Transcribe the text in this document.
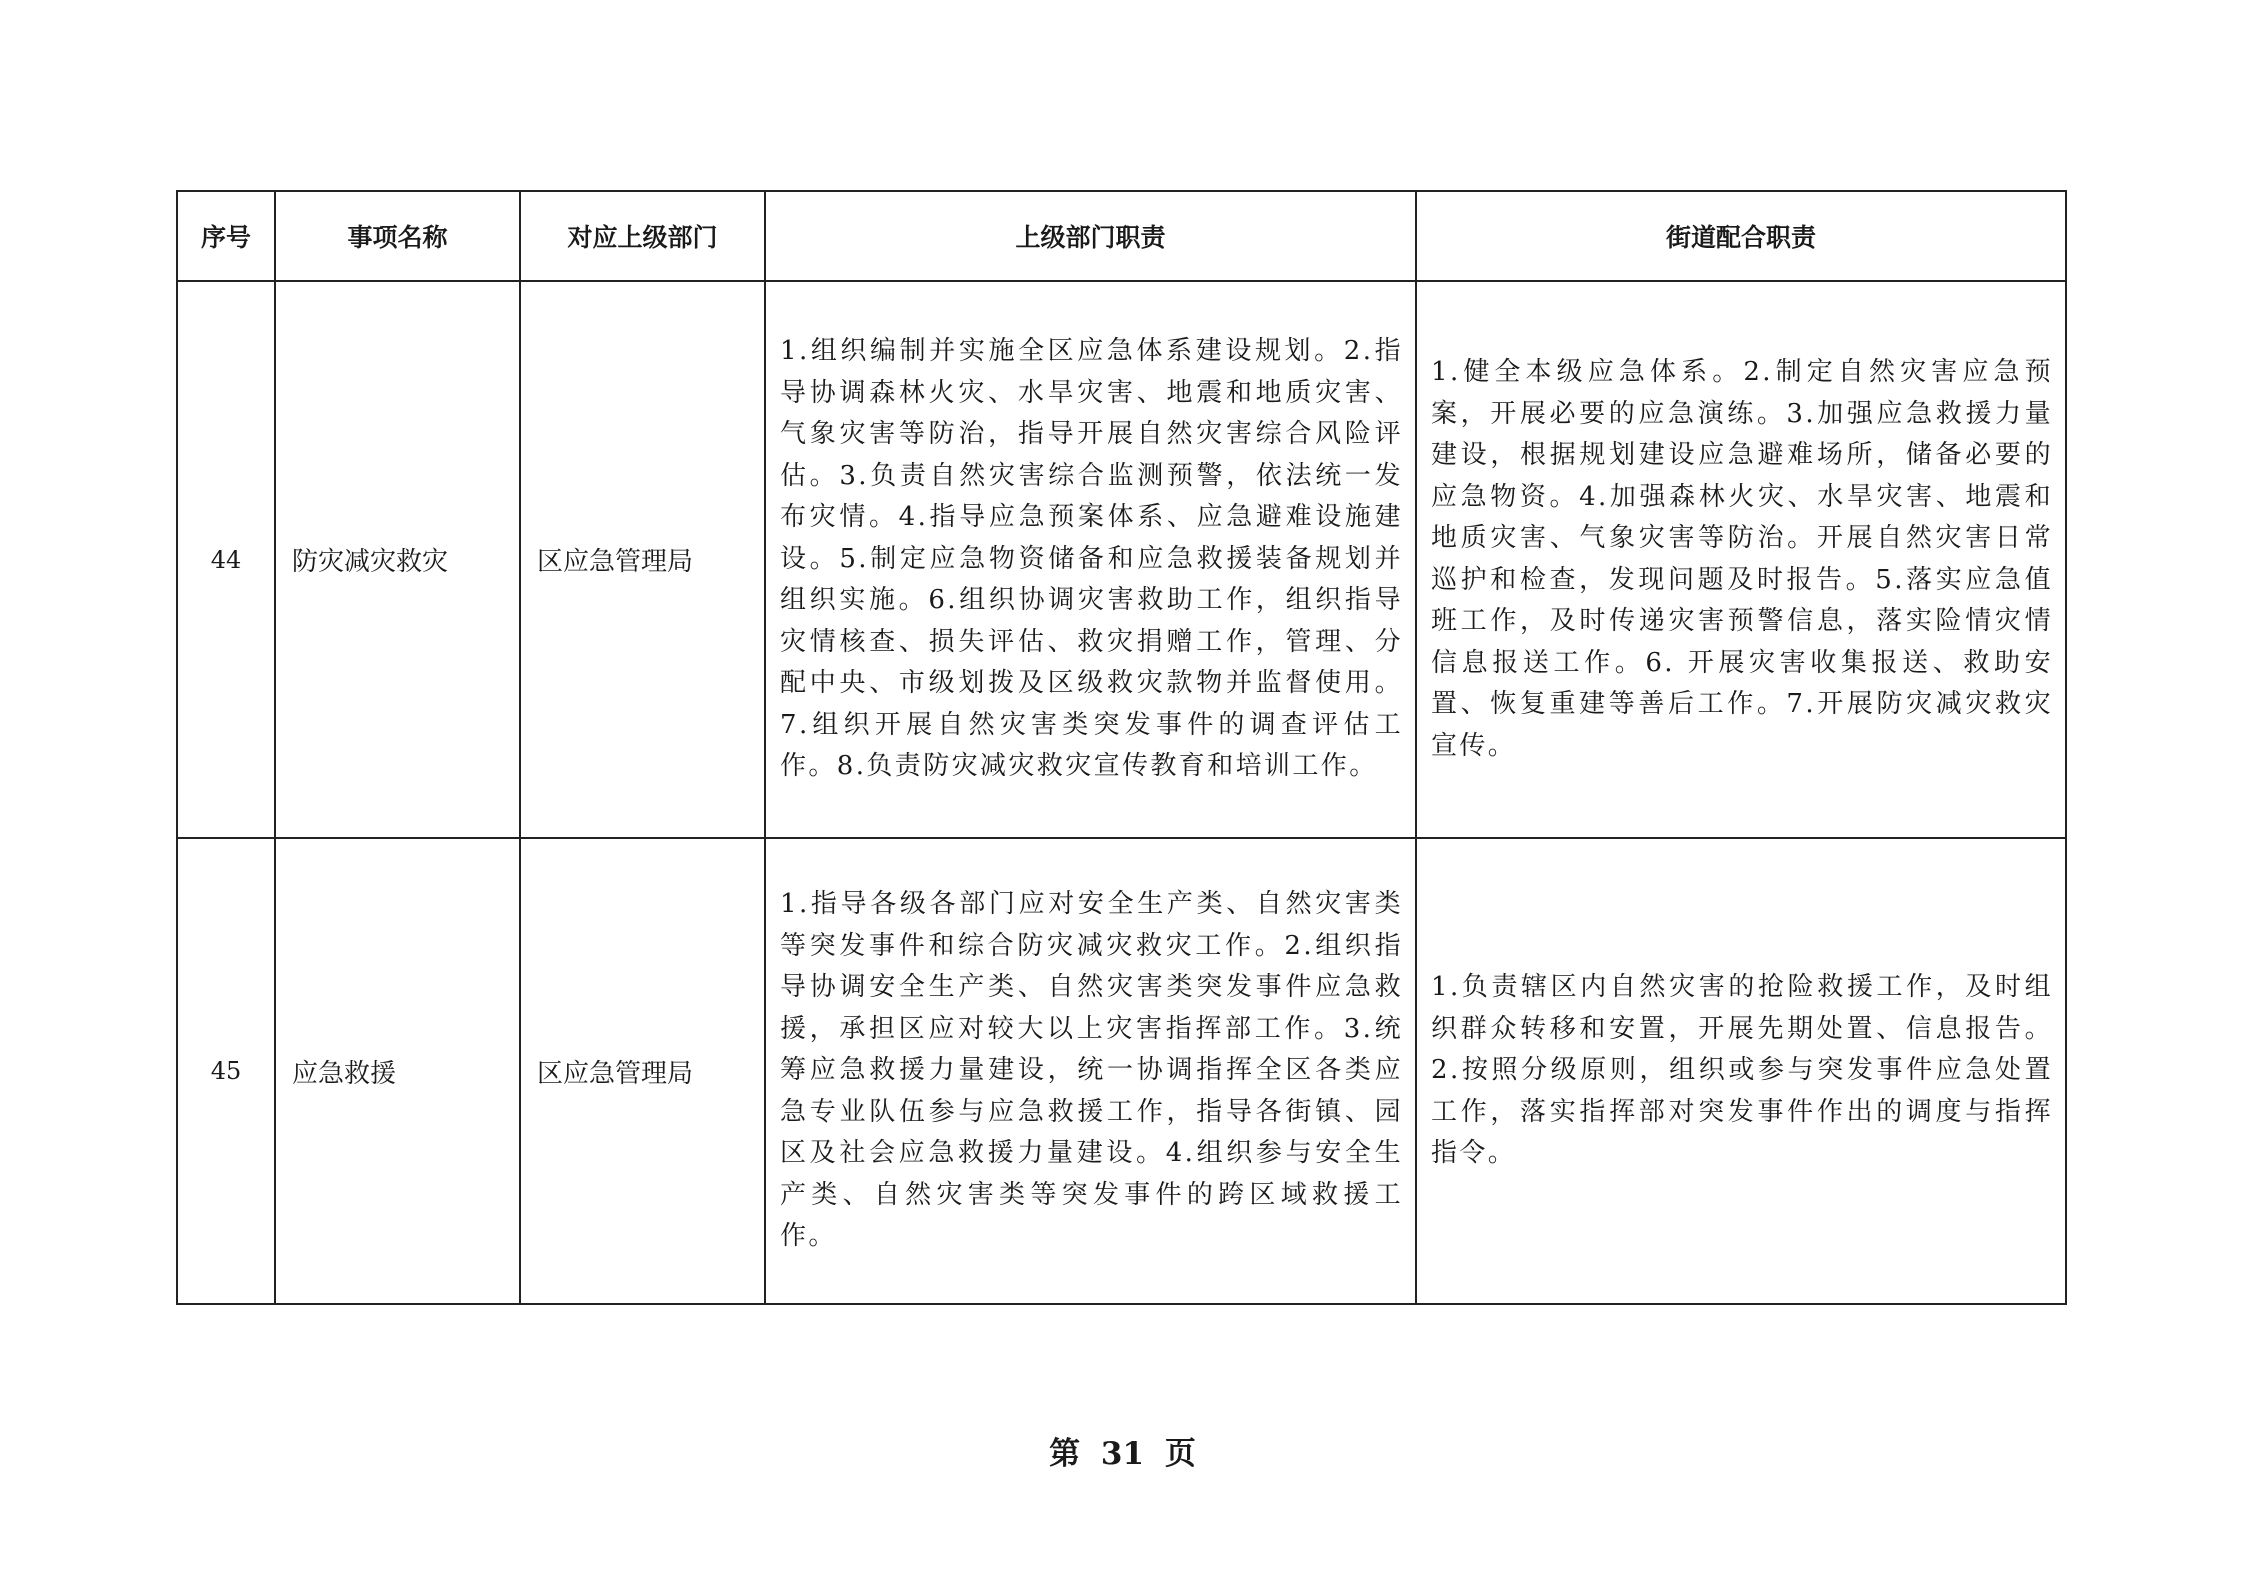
序号	事项名称	对应上级部门	上级部门职责	街道配合职责
44	防灾减灾救灾	区应急管理局	1.组织编制并实施全区应急体系建设规划。2.指导协调森林火灾、水旱灾害、地震和地质灾害、气象灾害等防治，指导开展自然灾害综合风险评估。3.负责自然灾害综合监测预警，依法统一发布灾情。4.指导应急预案体系、应急避难设施建设。5.制定应急物资储备和应急救援装备规划并组织实施。6.组织协调灾害救助工作，组织指导灾情核查、损失评估、救灾捐赠工作，管理、分配中央、市级划拨及区级救灾款物并监督使用。7.组织开展自然灾害类突发事件的调查评估工作。8.负责防灾减灾救灾宣传教育和培训工作。	1.健全本级应急体系。2.制定自然灾害应急预案，开展必要的应急演练。3.加强应急救援力量建设，根据规划建设应急避难场所，储备必要的应急物资。4.加强森林火灾、水旱灾害、地震和地质灾害、气象灾害等防治。开展自然灾害日常巡护和检查，发现问题及时报告。5.落实应急值班工作，及时传递灾害预警信息，落实险情灾情信息报送工作。6. 开展灾害收集报送、救助安置、恢复重建等善后工作。7.开展防灾减灾救灾宣传。

45	应急救援	区应急管理局	1.指导各级各部门应对安全生产类、自然灾害类等突发事件和综合防灾减灾救灾工作。2.组织指导协调安全生产类、自然灾害类突发事件应急救援，承担区应对较大以上灾害指挥部工作。3.统筹应急救援力量建设，统一协调指挥全区各类应急专业队伍参与应急救援工作，指导各街镇、园区及社会应急救援力量建设。4.组织参与安全生产类、自然灾害类等突发事件的跨区域救援工作。	1.负责辖区内自然灾害的抢险救援工作，及时组织群众转移和安置，开展先期处置、信息报告。2.按照分级原则，组织或参与突发事件应急处置工作，落实指挥部对突发事件作出的调度与指挥指令。
第 31 页
